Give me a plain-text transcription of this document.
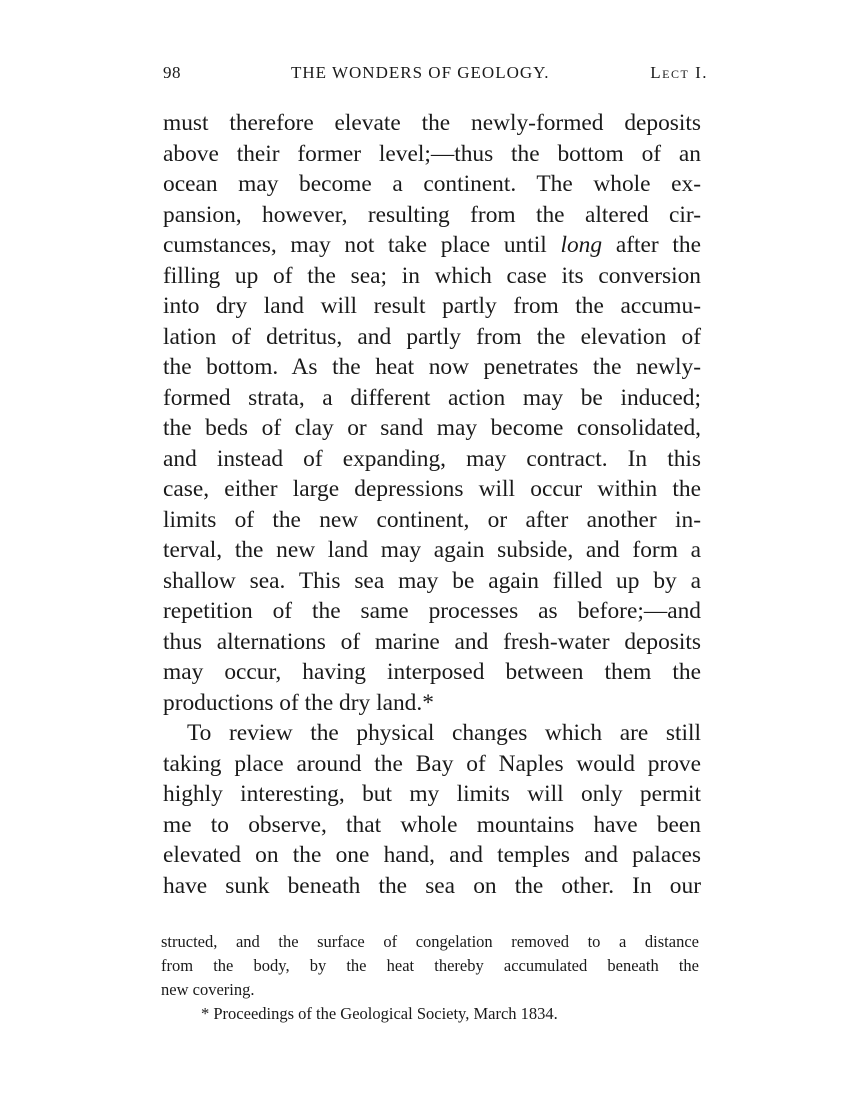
98	THE WONDERS OF GEOLOGY.	Lect I.
must therefore elevate the newly-formed deposits
above their former level;—thus the bottom of an
ocean may become a continent. The whole ex-
pansion, however, resulting from the altered cir-
cumstances, may not take place until long after the
filling up of the sea; in which case its conversion
into dry land will result partly from the accumu-
lation of detritus, and partly from the elevation of
the bottom. As the heat now penetrates the newly-
formed strata, a different action may be induced;
the beds of clay or sand may become consolidated,
and instead of expanding, may contract. In this
case, either large depressions will occur within the
limits of the new continent, or after another in-
terval, the new land may again subside, and form a
shallow sea. This sea may be again filled up by a
repetition of the same processes as before;—and
thus alternations of marine and fresh-water deposits
may occur, having interposed between them the
productions of the dry land.*
To review the physical changes which are still
taking place around the Bay of Naples would prove
highly interesting, but my limits will only permit
me to observe, that whole mountains have been
elevated on the one hand, and temples and palaces
have sunk beneath the sea on the other. In our
structed, and the surface of congelation removed to a distance
from the body, by the heat thereby accumulated beneath the
new covering.
* Proceedings of the Geological Society, March 1834.
